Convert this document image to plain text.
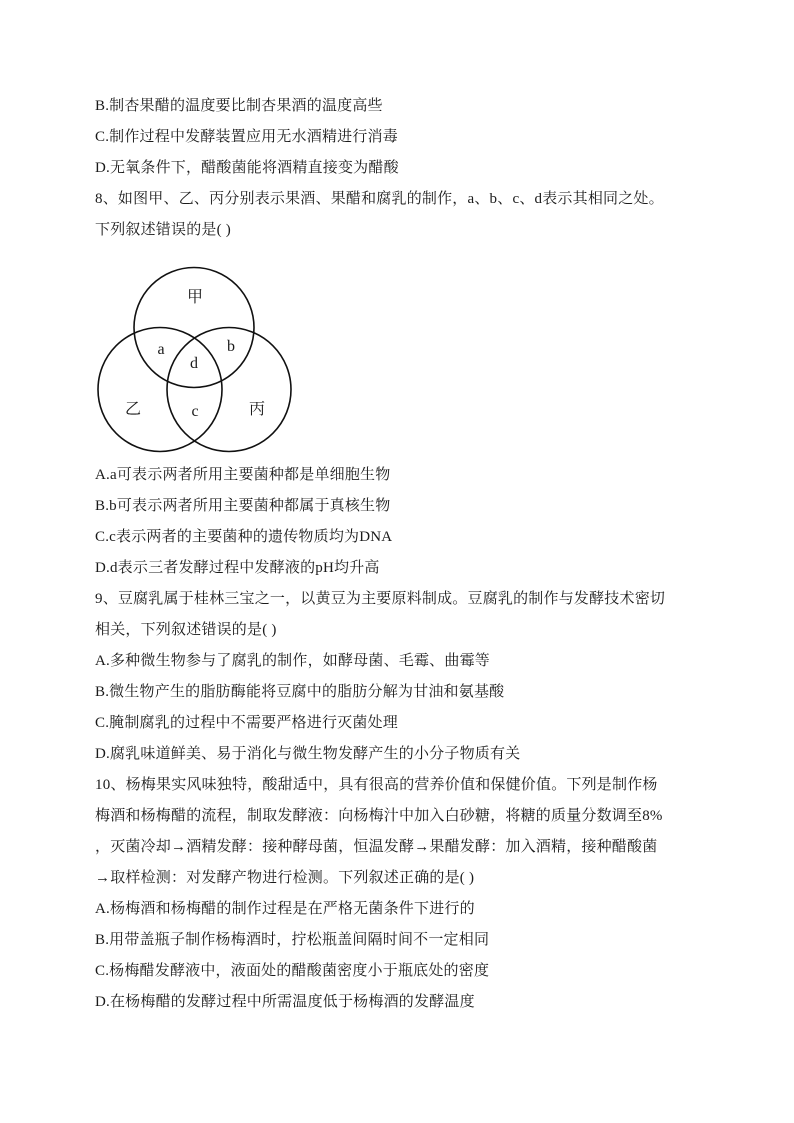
B.制杏果醋的温度要比制杏果酒的温度高些
C.制作过程中发酵装置应用无水酒精进行消毒
D.无氧条件下，醋酸菌能将酒精直接变为醋酸
8、如图甲、乙、丙分别表示果酒、果醋和腐乳的制作，a、b、c、d表示其相同之处。
下列叙述错误的是( )
甲
a	b
d
乙	c	丙
A.a可表示两者所用主要菌种都是单细胞生物
B.b可表示两者所用主要菌种都属于真核生物
C.c表示两者的主要菌种的遗传物质均为DNA
D.d表示三者发酵过程中发酵液的pH均升高
9、豆腐乳属于桂林三宝之一，以黄豆为主要原料制成。豆腐乳的制作与发酵技术密切
相关，下列叙述错误的是( )
A.多种微生物参与了腐乳的制作，如酵母菌、毛霉、曲霉等
B.微生物产生的脂肪酶能将豆腐中的脂肪分解为甘油和氨基酸
C.腌制腐乳的过程中不需要严格进行灭菌处理
D.腐乳味道鲜美、易于消化与微生物发酵产生的小分子物质有关
10、杨梅果实风味独特，酸甜适中，具有很高的营养价值和保健价值。下列是制作杨
梅酒和杨梅醋的流程，制取发酵液：向杨梅汁中加入白砂糖，将糖的质量分数调至8%
，灭菌冷却→酒精发酵：接种酵母菌，恒温发酵→果醋发酵：加入酒精，接种醋酸菌
→取样检测：对发酵产物进行检测。下列叙述正确的是( )
A.杨梅酒和杨梅醋的制作过程是在严格无菌条件下进行的
B.用带盖瓶子制作杨梅酒时，拧松瓶盖间隔时间不一定相同
C.杨梅醋发酵液中，液面处的醋酸菌密度小于瓶底处的密度
D.在杨梅醋的发酵过程中所需温度低于杨梅酒的发酵温度
